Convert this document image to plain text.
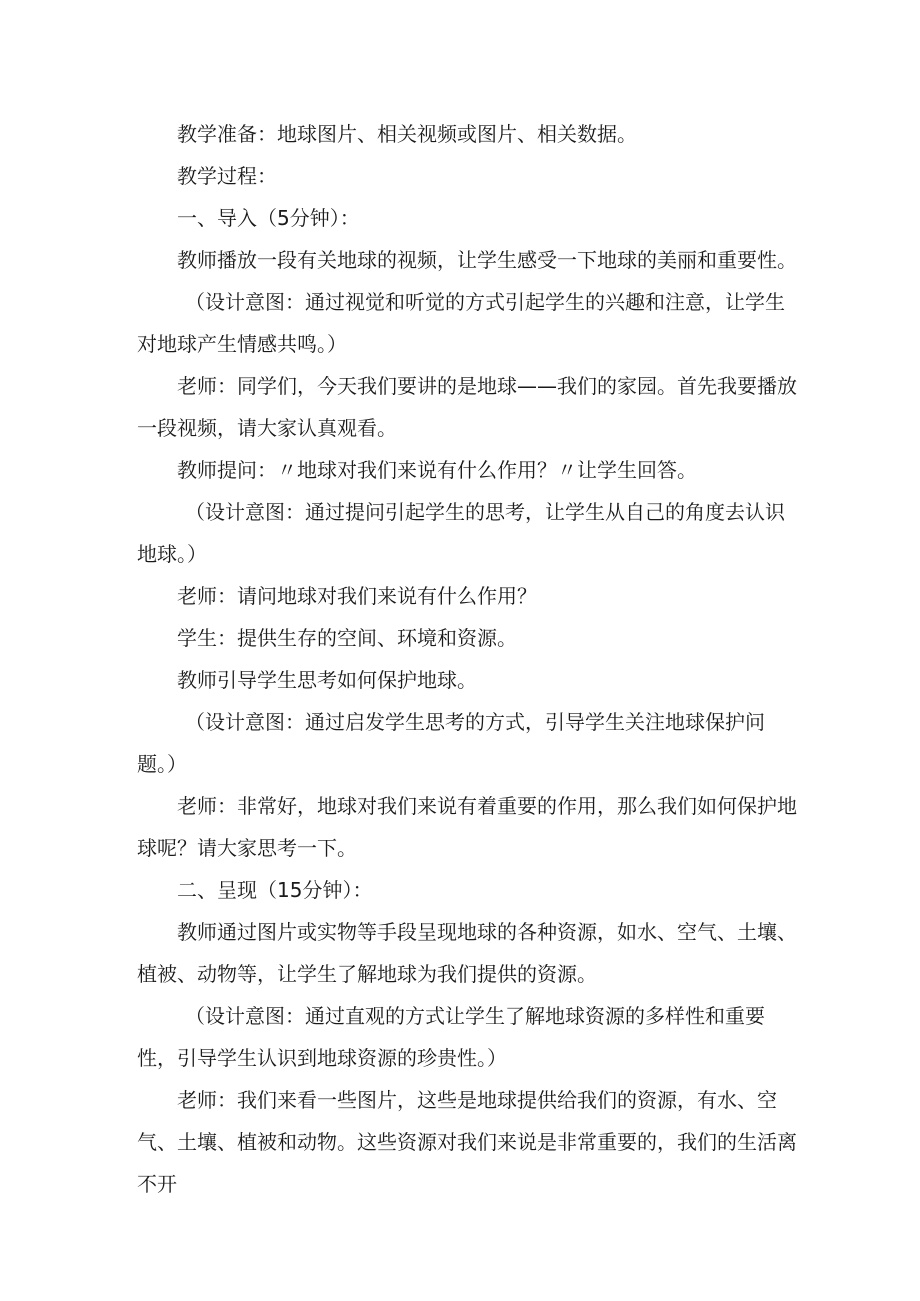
教学准备：地球图片、相关视频或图片、相关数据。

教学过程：

一、导入（5分钟）：

教师播放一段有关地球的视频，让学生感受一下地球的美丽和重要性。

（设计意图：通过视觉和听觉的方式引起学生的兴趣和注意，让学生对地球产生情感共鸣。）

老师：同学们，今天我们要讲的是地球——我们的家园。首先我要播放一段视频，请大家认真观看。

教师提问：〃地球对我们来说有什么作用？〃让学生回答。

（设计意图：通过提问引起学生的思考，让学生从自己的角度去认识地球。）

老师：请问地球对我们来说有什么作用？

学生：提供生存的空间、环境和资源。

教师引导学生思考如何保护地球。

（设计意图：通过启发学生思考的方式，引导学生关注地球保护问题。）

老师：非常好，地球对我们来说有着重要的作用，那么我们如何保护地球呢？请大家思考一下。

二、呈现（15分钟）：

教师通过图片或实物等手段呈现地球的各种资源，如水、空气、土壤、植被、动物等，让学生了解地球为我们提供的资源。

（设计意图：通过直观的方式让学生了解地球资源的多样性和重要性，引导学生认识到地球资源的珍贵性。）

老师：我们来看一些图片，这些是地球提供给我们的资源，有水、空气、土壤、植被和动物。这些资源对我们来说是非常重要的，我们的生活离不开
